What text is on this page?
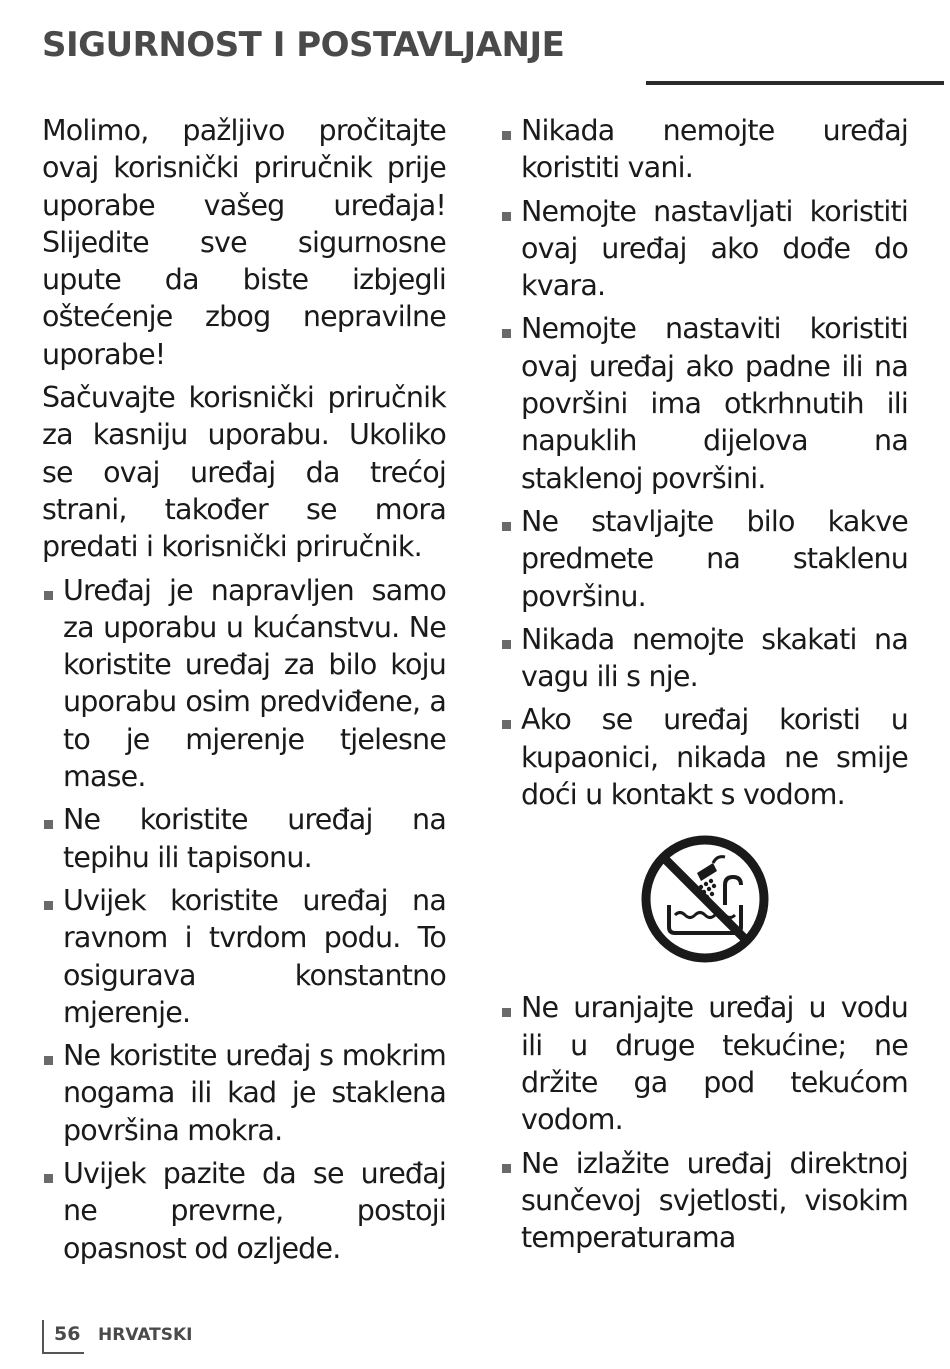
SIGURNOST I POSTAVLJANJE

Molimo, pažljivo pročitajte ovaj korisnički priručnik prije uporabe vašeg uređaja! Slijedite sve sigurnosne upute da biste izbjegli oštećenje zbog nepravilne uporabe!

Sačuvajte korisnički priručnik za kasniju uporabu. Ukoliko se ovaj uređaj da trećoj strani, također se mora predati i korisnički priručnik.

Uređaj je napravljen samo za uporabu u kućanstvu. Ne koristite uređaj za bilo koju uporabu osim predviđene, a to je mjerenje tjelesne mase.
Ne koristite uređaj na tepihu ili tapisonu.
Uvijek koristite uređaj na ravnom i tvrdom podu. To osigurava konstantno mjerenje.
Ne koristite uređaj s mokrim nogama ili kad je staklena površina mokra.
Uvijek pazite da se uređaj ne prevrne, postoji opasnost od ozljede.
Nikada nemojte uređaj koristiti vani.
Nemojte nastavljati koristiti ovaj uređaj ako dođe do kvara.
Nemojte nastaviti koristiti ovaj uređaj ako padne ili na površini ima otkrhnutih ili napuklih dijelova na staklenoj površini.
Ne stavljajte bilo kakve predmete na staklenu površinu.
Nikada nemojte skakati na vagu ili s nje.
Ako se uređaj koristi u kupaonici, nikada ne smije doći u kontakt s vodom.
Ne uranjajte uređaj u vodu ili u druge tekućine; ne držite ga pod tekućom vodom.
Ne izlažite uređaj direktnoj sunčevoj svjetlosti, visokim temperaturama
56 HRVATSKI
